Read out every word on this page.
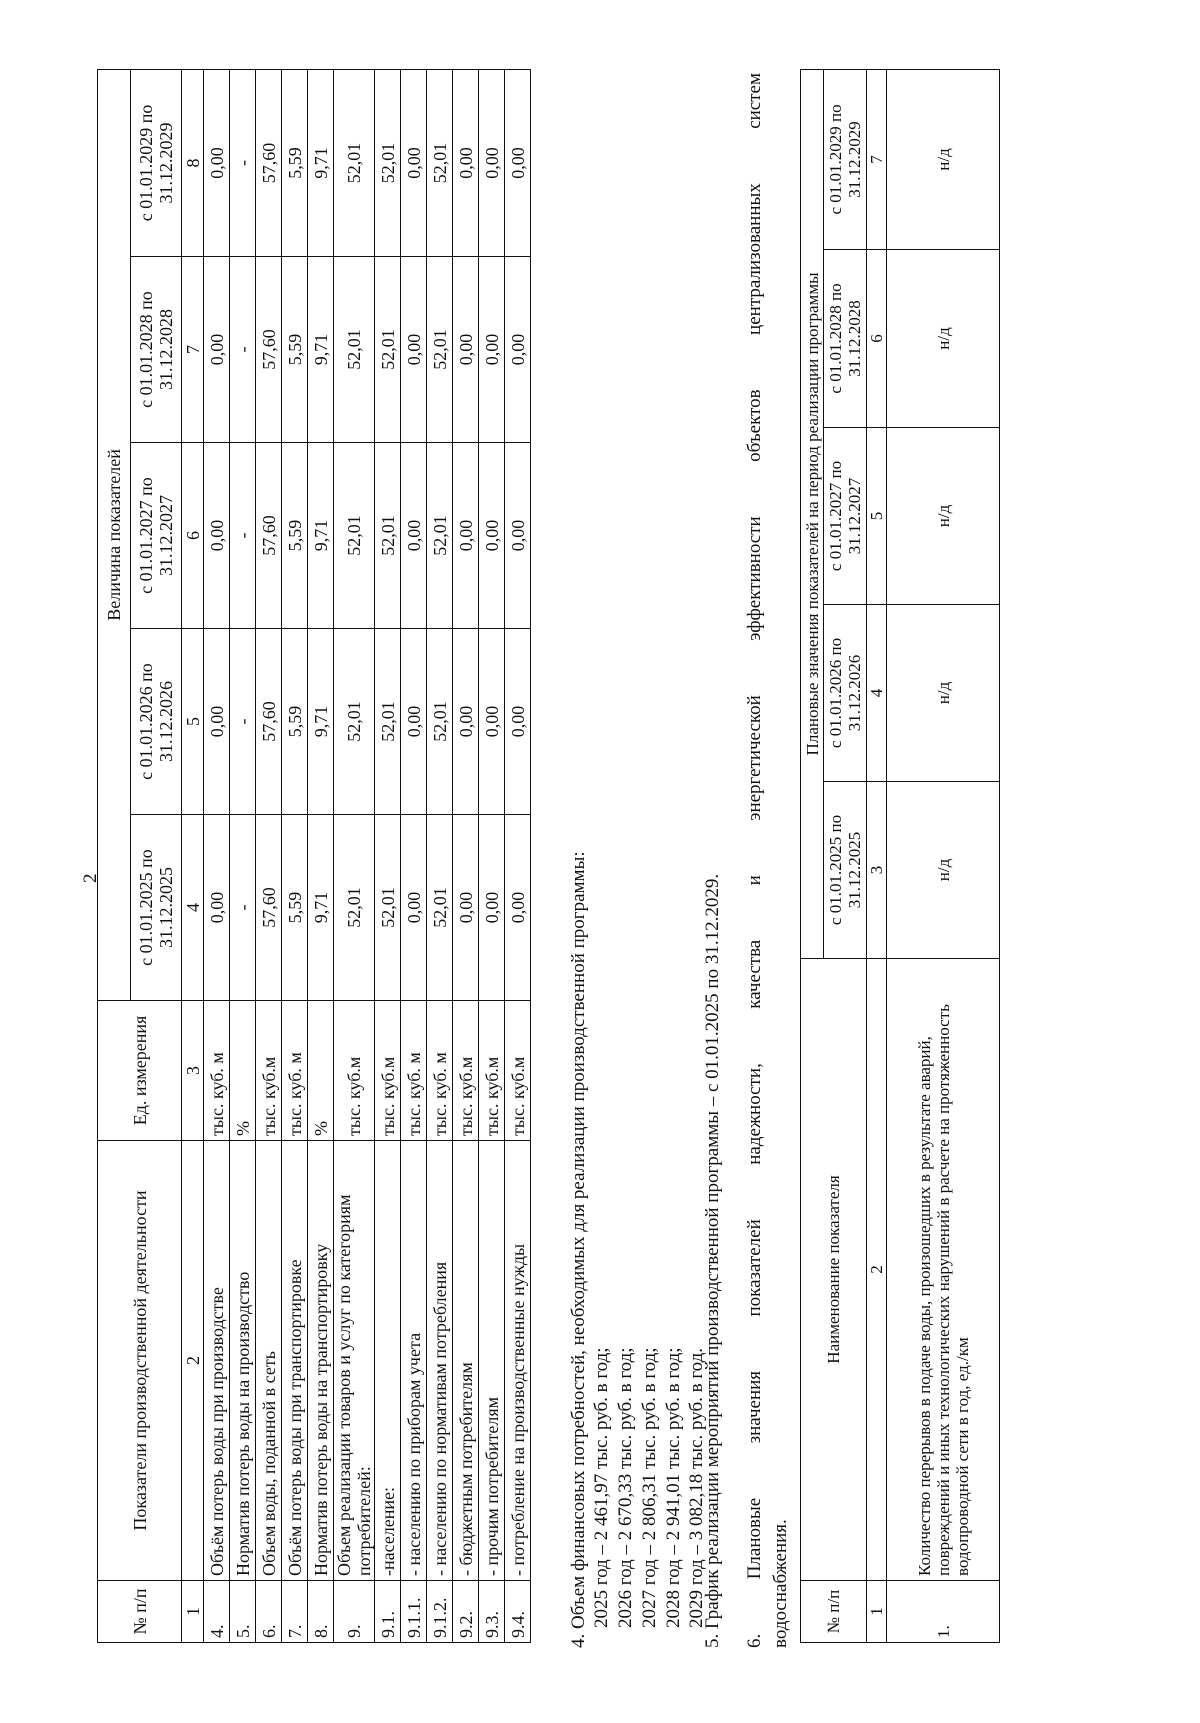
2
№ п/п	Показатели производственной деятельности	Ед. измерения	Величина показателей				
			с 01.01.2025 по 31.12.2025	с 01.01.2026 по 31.12.2026	с 01.01.2027 по 31.12.2027	с 01.01.2028 по 31.12.2028	с 01.01.2029 по 31.12.2029
1	2	3	4	5	6	7	8
4.	Объём потерь воды при производстве	тыс. куб. м	0,00	0,00	0,00	0,00	0,00
5.	Норматив потерь воды на производство	%	-	-	-	-	-
6.	Объем воды, поданной в сеть	тыс. куб.м	57,60	57,60	57,60	57,60	57,60
7.	Объём потерь воды при транспортировке	тыс. куб. м	5,59	5,59	5,59	5,59	5,59
8.	Норматив потерь воды на транспортировку	%	9,71	9,71	9,71	9,71	9,71
9.	Объем реализации товаров и услуг по категориям потребителей:	тыс. куб.м	52,01	52,01	52,01	52,01	52,01
9.1.	-население:	тыс. куб.м	52,01	52,01	52,01	52,01	52,01
9.1.1.	- населению по приборам учета	тыс. куб. м	0,00	0,00	0,00	0,00	0,00
9.1.2.	- населению по нормативам потребления	тыс. куб. м	52,01	52,01	52,01	52,01	52,01
9.2.	- бюджетным потребителям	тыс. куб.м	0,00	0,00	0,00	0,00	0,00
9.3.	- прочим потребителям	тыс. куб.м	0,00	0,00	0,00	0,00	0,00
9.4.	- потребление на производственные нужды	тыс. куб.м	0,00	0,00	0,00	0,00	0,00
4. Объем финансовых потребностей, необходимых для реализации производственной программы: 2025 год – 2 461,97 тыс. руб. в год; 2026 год – 2 670,33 тыс. руб. в год; 2027 год – 2 806,31 тыс. руб. в год; 2028 год – 2 941,01 тыс. руб. в год; 2029 год – 3 082,18 тыс. руб. в год.
5. График реализации мероприятий производственной программы – с 01.01.2025 по 31.12.2029. 6. Плановые значения показателей надежности, качества и энергетической эффективности объектов централизованных систем водоснабжения. № п/п	Наименование показателя	Плановые значения показателей на период реализации программы				
		с 01.01.2025 по 31.12.2025	с 01.01.2026 по 31.12.2026	с 01.01.2027 по 31.12.2027	с 01.01.2028 по 31.12.2028	с 01.01.2029 по 31.12.2029
1	2	3	4	5	6	7
1.	Количество перерывов в подаче воды, произошедших в результате аварий, повреждений и иных технологических нарушений в расчете на протяженность водопроводной сети в год, ед./км	н/д	н/д	н/д	н/д	н/д
